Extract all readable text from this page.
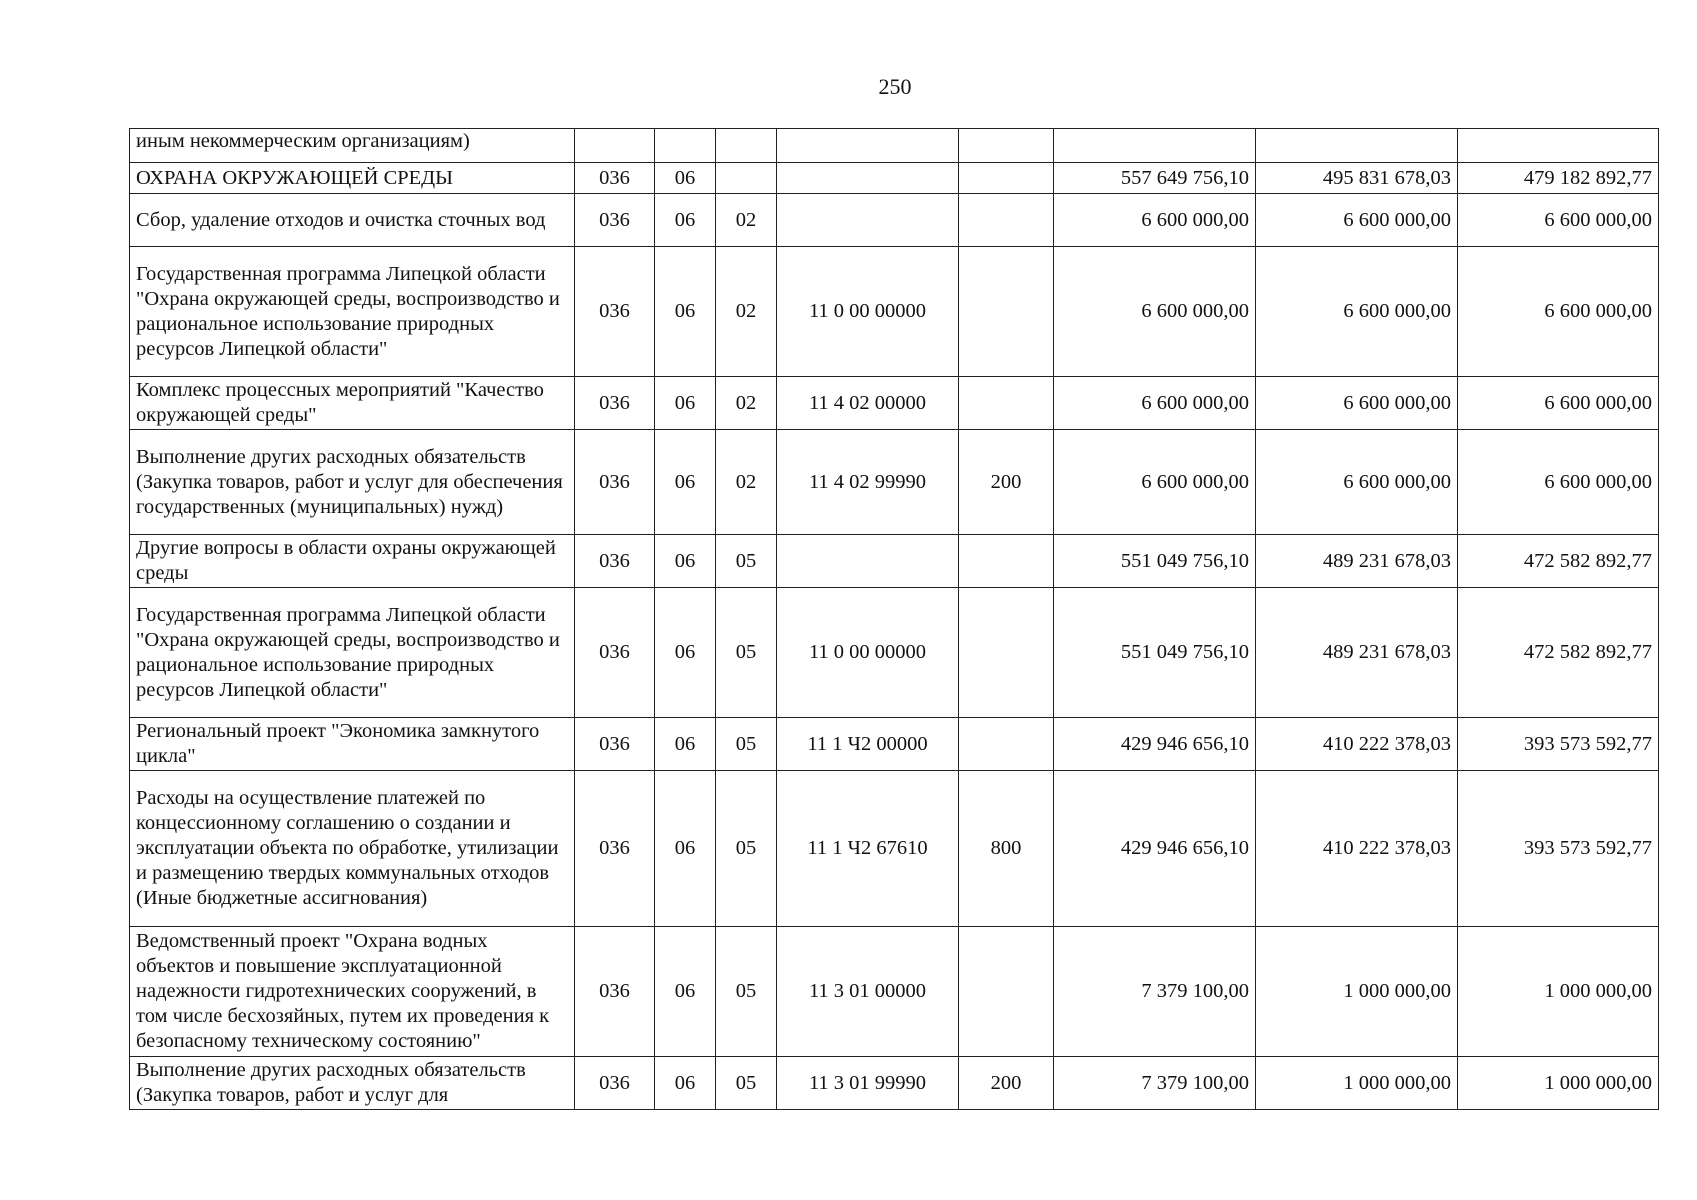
250
иным некоммерческим организациям)								
ОХРАНА ОКРУЖАЮЩЕЙ СРЕДЫ	036	06				557 649 756,10	495 831 678,03	479 182 892,77
Сбор, удаление отходов и очистка сточных вод	036	06	02			6 600 000,00	6 600 000,00	6 600 000,00
Государственная программа Липецкой области "Охрана окружающей среды, воспроизводство и рациональное использование природных ресурсов Липецкой области"	036	06	02	11 0 00 00000		6 600 000,00	6 600 000,00	6 600 000,00
Комплекс процессных мероприятий "Качество окружающей среды"	036	06	02	11 4 02 00000		6 600 000,00	6 600 000,00	6 600 000,00
Выполнение других расходных обязательств (Закупка товаров, работ и услуг для обеспечения государственных (муниципальных) нужд)	036	06	02	11 4 02 99990	200	6 600 000,00	6 600 000,00	6 600 000,00
Другие вопросы в области охраны окружающей среды	036	06	05			551 049 756,10	489 231 678,03	472 582 892,77
Государственная программа Липецкой области "Охрана окружающей среды, воспроизводство и рациональное использование природных ресурсов Липецкой области"	036	06	05	11 0 00 00000		551 049 756,10	489 231 678,03	472 582 892,77
Региональный проект "Экономика замкнутого цикла"	036	06	05	11 1 Ч2 00000		429 946 656,10	410 222 378,03	393 573 592,77
Расходы на осуществление платежей по концессионному соглашению о создании и эксплуатации объекта по обработке, утилизации и размещению твердых коммунальных отходов (Иные бюджетные ассигнования)	036	06	05	11 1 Ч2 67610	800	429 946 656,10	410 222 378,03	393 573 592,77
Ведомственный проект "Охрана водных объектов и повышение эксплуатационной надежности гидротехнических сооружений, в том числе бесхозяйных, путем их проведения к безопасному техническому состоянию"	036	06	05	11 3 01 00000		7 379 100,00	1 000 000,00	1 000 000,00
Выполнение других расходных обязательств (Закупка товаров, работ и услуг для	036	06	05	11 3 01 99990	200	7 379 100,00	1 000 000,00	1 000 000,00
